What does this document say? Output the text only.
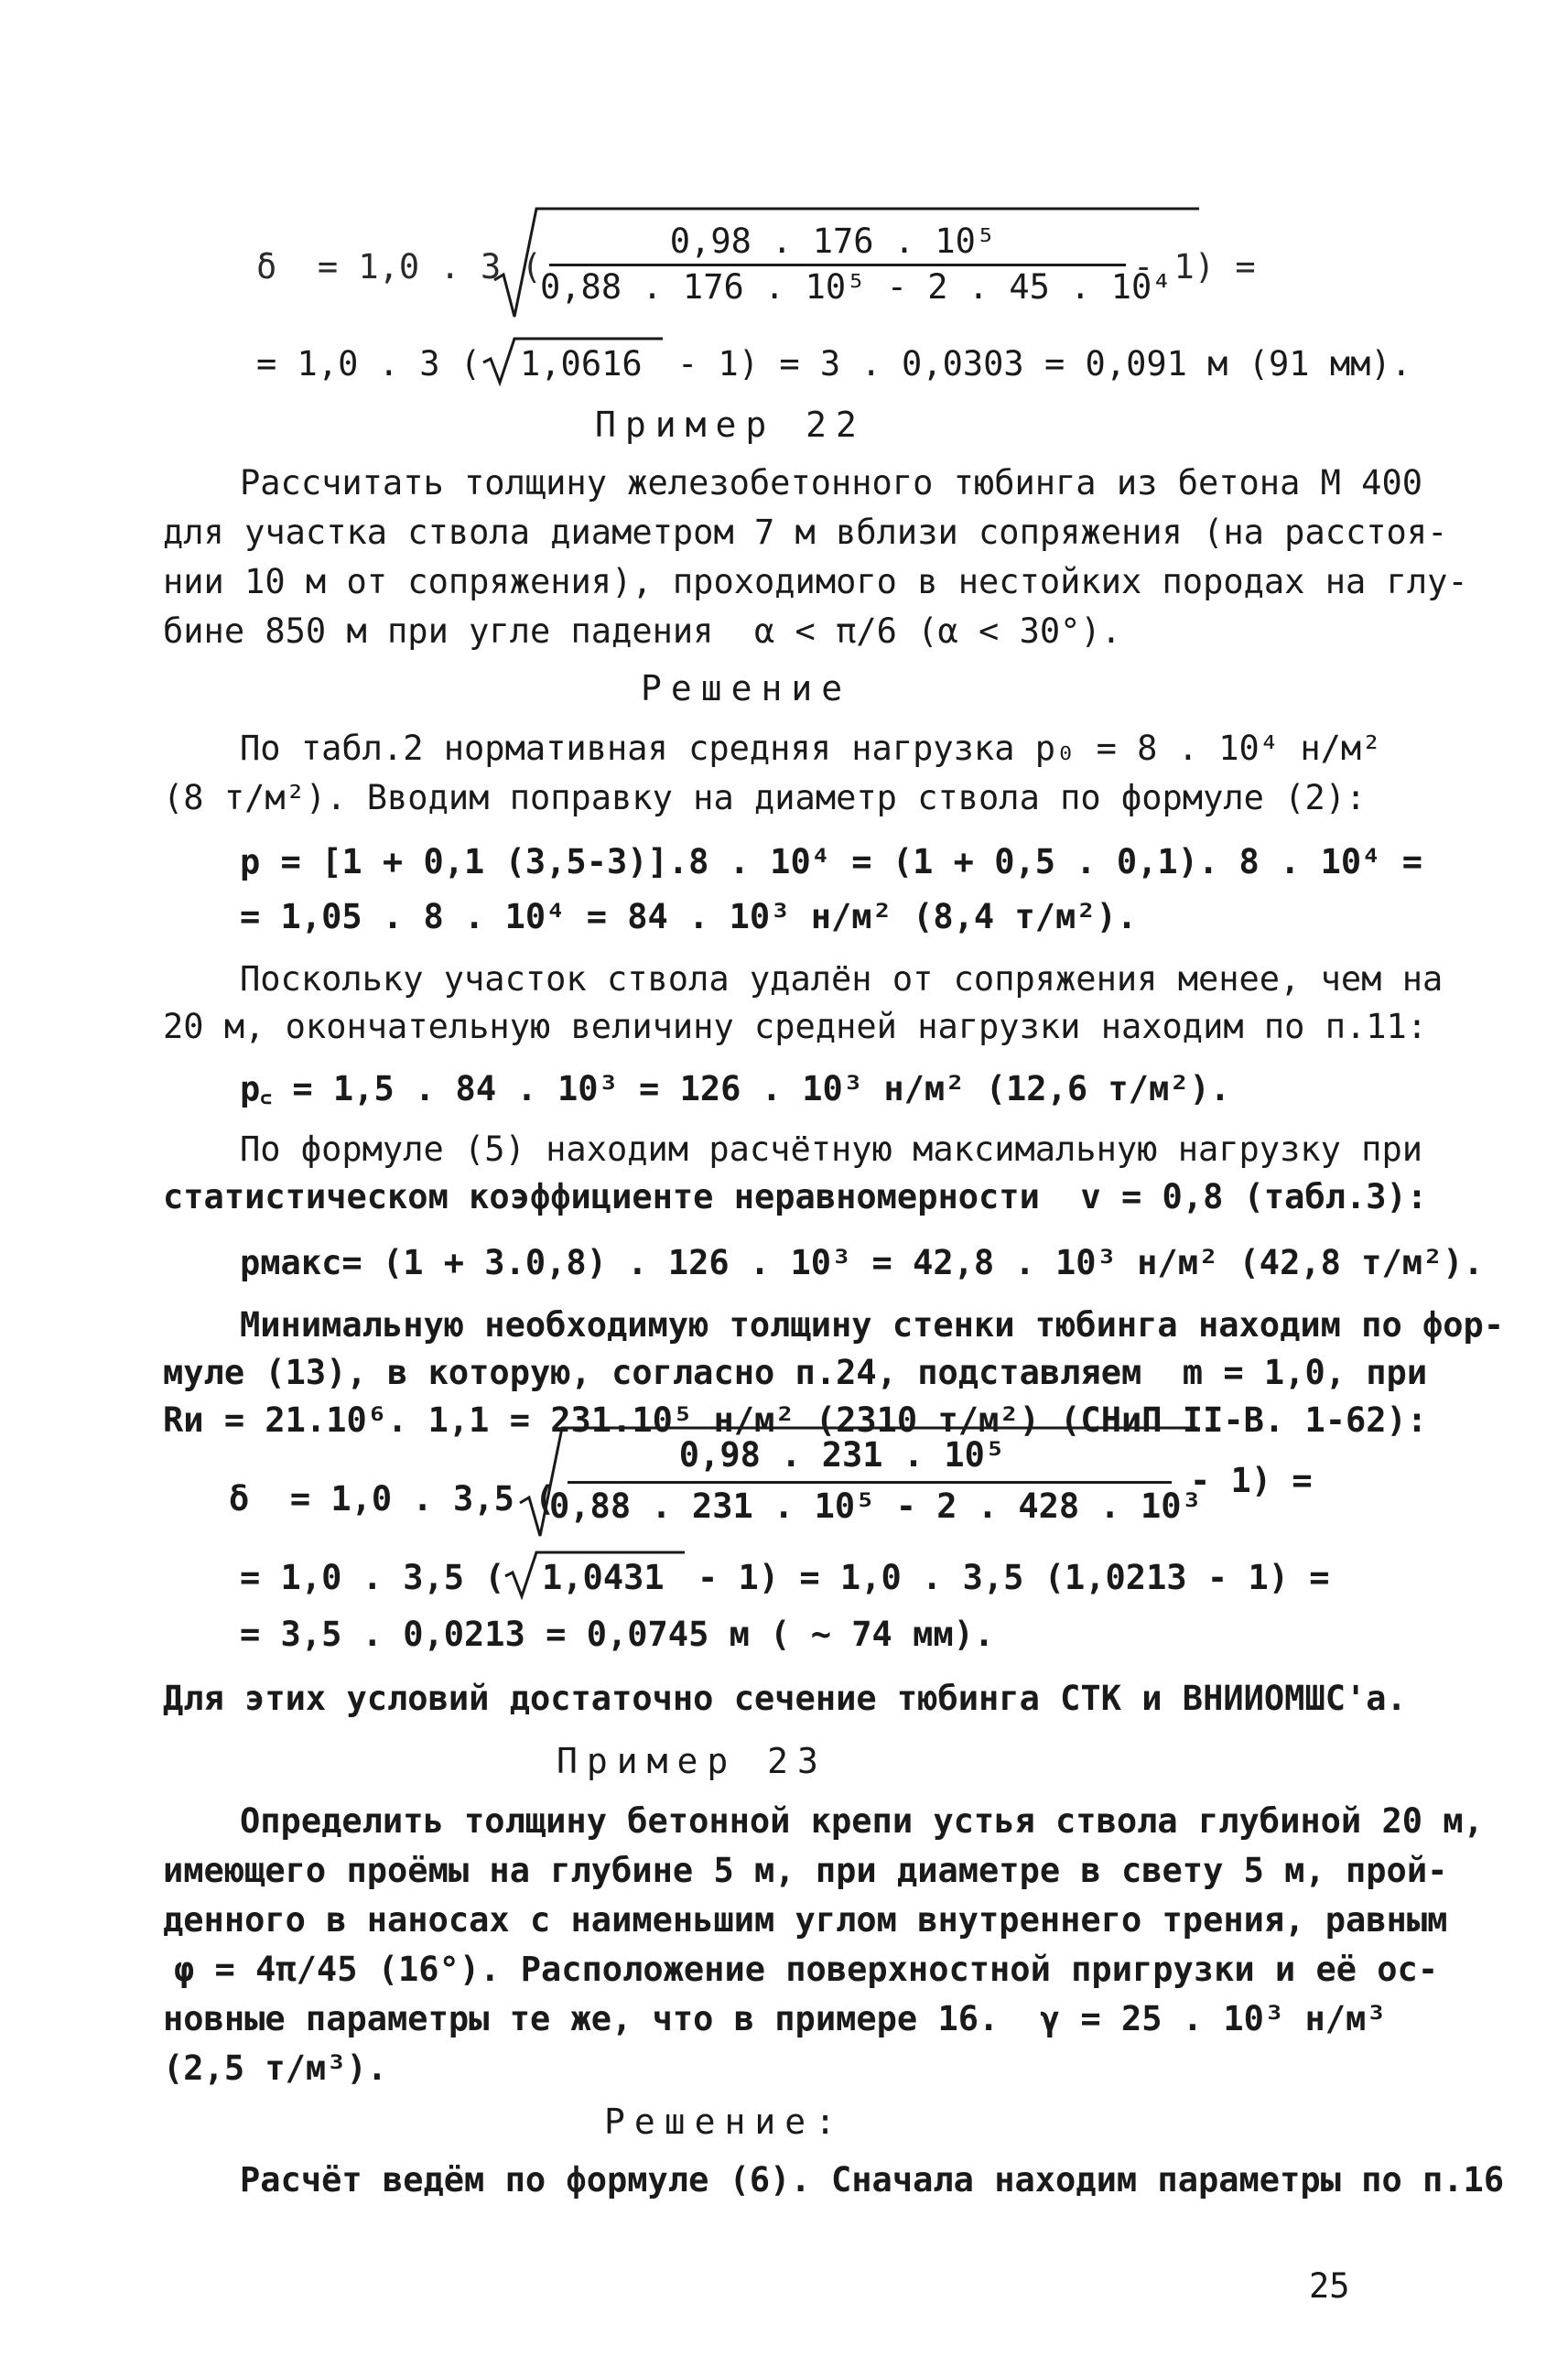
δ  = 1,0 . 3 (
0,98 . 176 . 10⁵
0,88 . 176 . 10⁵ - 2 . 45 . 10⁴
- 1) =
= 1,0 . 3 ( 1,0616 - 1) = 3 . 0,0303 = 0,091 м (91 мм).
Пример 22
Рассчитать толщину железобетонного тюбинга из бетона М 400
для участка ствола диаметром 7 м вблизи сопряжения (на расстоя-
нии 10 м от сопряжения), проходимого в нестойких породах на глу-
бине 850 м при угле падения  α < π/6 (α < 30°).
Решение
По табл.2 нормативная средняя нагрузка p₀ = 8 . 10⁴ н/м²
(8 т/м²). Вводим поправку на диаметр ствола по формуле (2):
p = [1 + 0,1 (3,5-3)].8 . 10⁴ = (1 + 0,5 . 0,1). 8 . 10⁴ =
= 1,05 . 8 . 10⁴ = 84 . 10³ н/м² (8,4 т/м²).
Поскольку участок ствола удалён от сопряжения менее, чем на
20 м, окончательную величину средней нагрузки находим по п.11:
p꜀ = 1,5 . 84 . 10³ = 126 . 10³ н/м² (12,6 т/м²).
По формуле (5) находим расчётную максимальную нагрузку при
статистическом коэффициенте неравномерности  v = 0,8 (табл.3):
pмакс= (1 + 3.0,8) . 126 . 10³ = 42,8 . 10³ н/м² (42,8 т/м²).
Минимальную необходимую толщину стенки тюбинга находим по фор-
муле (13), в которую, согласно п.24, подставляем  m = 1,0, при
Rи = 21.10⁶. 1,1 = 231.10⁵ н/м² (2310 т/м²) (СНиП II-В. 1-62):
δ  = 1,0 . 3,5 (
0,98 . 231 . 10⁵
0,88 . 231 . 10⁵ - 2 . 428 . 10³
- 1) =
= 1,0 . 3,5 ( 1,0431 - 1) = 1,0 . 3,5 (1,0213 - 1) =
= 3,5 . 0,0213 = 0,0745 м ( ~ 74 мм).
Для этих условий достаточно сечение тюбинга СТК и ВНИИОМШС'а.
Пример 23
Определить толщину бетонной крепи устья ствола глубиной 20 м,
имеющего проёмы на глубине 5 м, при диаметре в свету 5 м, прой-
денного в наносах с наименьшим углом внутреннего трения, равным
φ = 4π/45 (16°). Расположение поверхностной пригрузки и её ос-
новные параметры те же, что в примере 16.  γ = 25 . 10³ н/м³
(2,5 т/м³).
Решение:
Расчёт ведём по формуле (6). Сначала находим параметры по п.16
25
